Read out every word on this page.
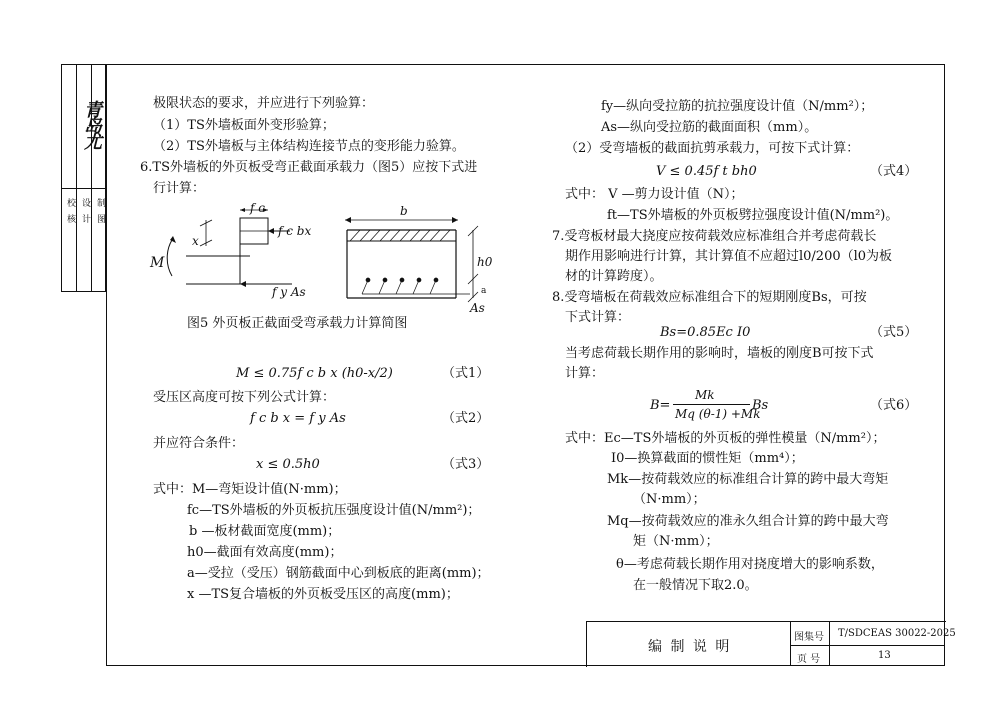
校 核 设 计 制 图
青岛尤	极限状态的要求，并应进行下列验算：
（1）TS外墙板面外变形验算；
（2）TS外墙板与主体结构连接节点的变形能力验算。
6.TS外墙板的外页板受弯正截面承载力（图5）应按下式进
行计算：
f c
f c bx
x
M
f y As
b
h0
a
As
图5 外页板正截面受弯承载力计算简图
M ≤ 0.75f c b x (h0-x/2)	（式1）
受压区高度可按下列公式计算：
f c b x = f y As	（式2）
并应符合条件：
x ≤ 0.5h0	（式3）
式中：M—弯矩设计值(N·mm)；
fc—TS外墙板的外页板抗压强度设计值(N/mm²)；
b —板材截面宽度(mm)；
h0—截面有效高度(mm)；
a—受拉（受压）钢筋截面中心到板底的距离(mm)；
x —TS复合墙板的外页板受压区的高度(mm)；
fy—纵向受拉筋的抗拉强度设计值（N/mm²）；
As—纵向受拉筋的截面面积（mm）。
（2）受弯墙板的截面抗剪承载力，可按下式计算：
V ≤ 0.45f t bh0	（式4）
式中： V —剪力设计值（N）；
ft—TS外墙板的外页板劈拉强度设计值(N/mm²)。
7.受弯板材最大挠度应按荷载效应标准组合并考虑荷载长
期作用影响进行计算，其计算值不应超过l0/200（l0为板
材的计算跨度）。
8.受弯墙板在荷载效应标准组合下的短期刚度Bs，可按
下式计算：
Bs=0.85Ec I0	（式5）
当考虑荷载长期作用的影响时，墙板的刚度B可按下式
计算：
B=
Mk
Mq (θ-1) +Mk
Bs	（式6）
式中：Ec—TS外墙板的外页板的弹性模量（N/mm²）；
I0—换算截面的惯性矩（mm⁴）；
Mk—按荷载效应的标准组合计算的跨中最大弯矩
（N·mm）；
Mq—按荷载效应的准永久组合计算的跨中最大弯
矩（N·mm）；
θ—考虑荷载长期作用对挠度增大的影响系数，
在一般情况下取2.0。
编 制 说 明
图集号 T/SDCEAS 30022-2025
页 号	13
